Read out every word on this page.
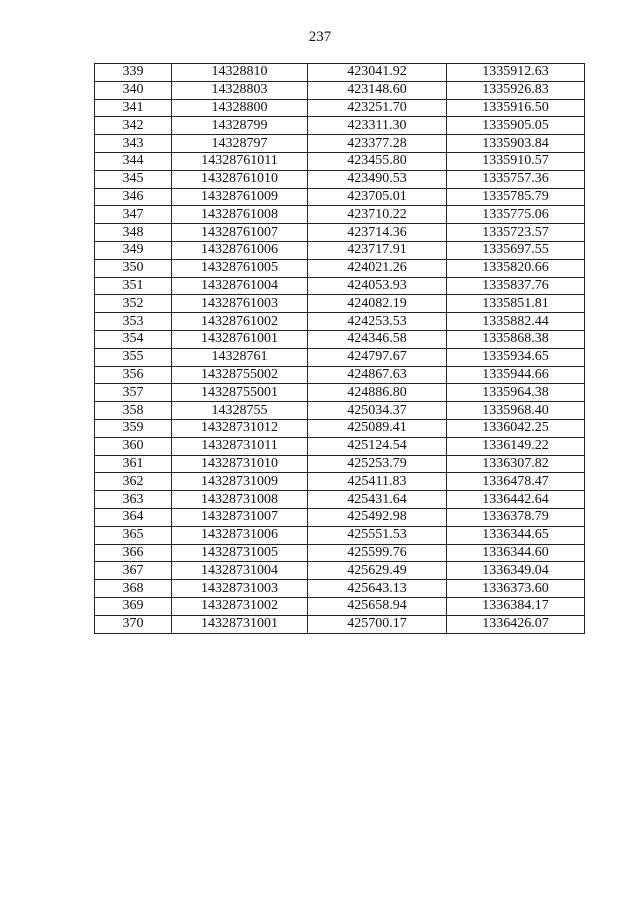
237
339	14328810	423041.92	1335912.63
340	14328803	423148.60	1335926.83
341	14328800	423251.70	1335916.50
342	14328799	423311.30	1335905.05
343	14328797	423377.28	1335903.84
344	14328761011	423455.80	1335910.57
345	14328761010	423490.53	1335757.36
346	14328761009	423705.01	1335785.79
347	14328761008	423710.22	1335775.06
348	14328761007	423714.36	1335723.57
349	14328761006	423717.91	1335697.55
350	14328761005	424021.26	1335820.66
351	14328761004	424053.93	1335837.76
352	14328761003	424082.19	1335851.81
353	14328761002	424253.53	1335882.44
354	14328761001	424346.58	1335868.38
355	14328761	424797.67	1335934.65
356	14328755002	424867.63	1335944.66
357	14328755001	424886.80	1335964.38
358	14328755	425034.37	1335968.40
359	14328731012	425089.41	1336042.25
360	14328731011	425124.54	1336149.22
361	14328731010	425253.79	1336307.82
362	14328731009	425411.83	1336478.47
363	14328731008	425431.64	1336442.64
364	14328731007	425492.98	1336378.79
365	14328731006	425551.53	1336344.65
366	14328731005	425599.76	1336344.60
367	14328731004	425629.49	1336349.04
368	14328731003	425643.13	1336373.60
369	14328731002	425658.94	1336384.17
370	14328731001	425700.17	1336426.07
